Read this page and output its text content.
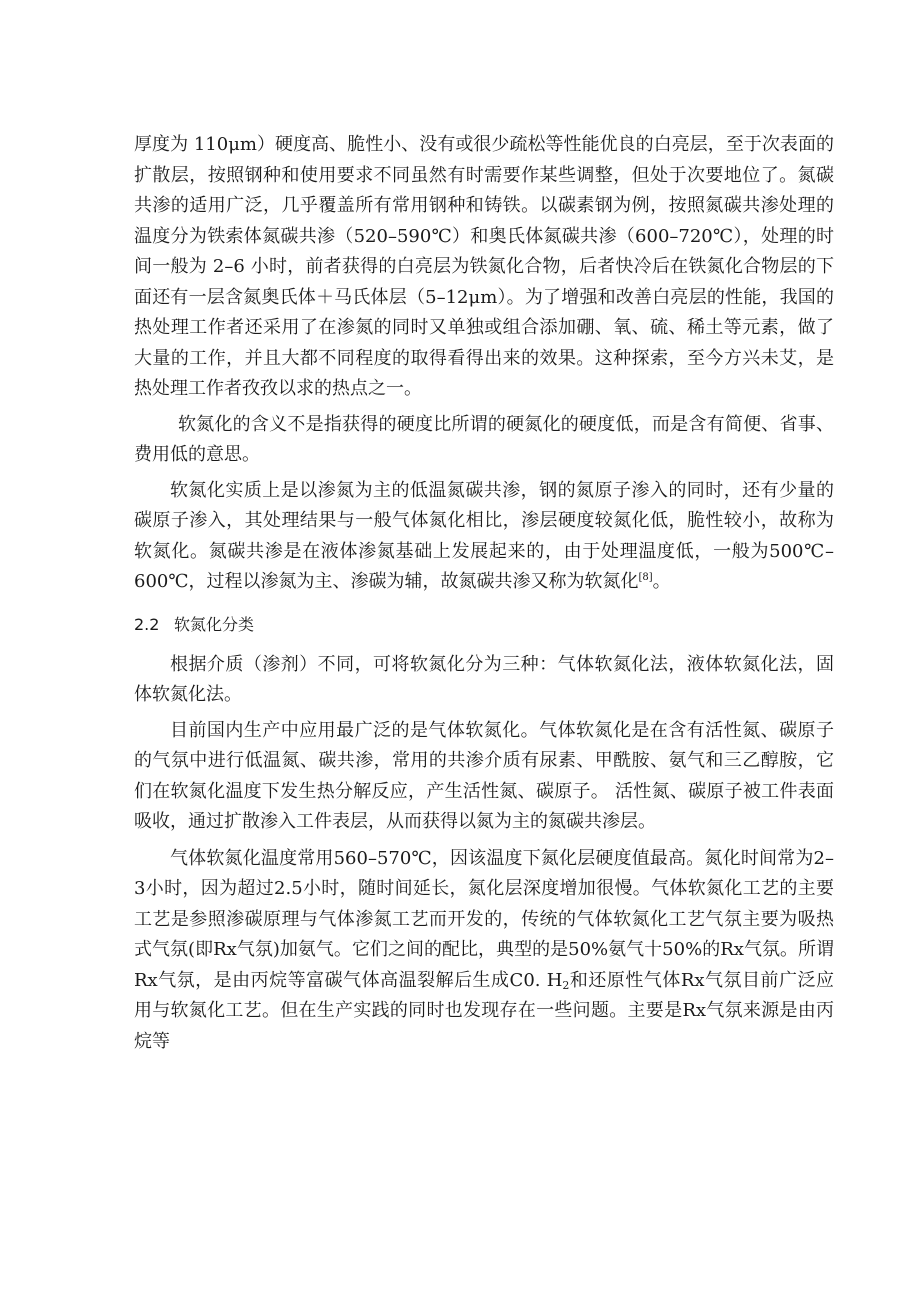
厚度为 110μm）硬度高、脆性小、没有或很少疏松等性能优良的白亮层，至于次表面的扩散层，按照钢种和使用要求不同虽然有时需要作某些调整，但处于次要地位了。氮碳共渗的适用广泛，几乎覆盖所有常用钢种和铸铁。以碳素钢为例，按照氮碳共渗处理的温度分为铁索体氮碳共渗（520–590℃）和奥氏体氮碳共渗（600–720℃），处理的时间一般为 2–6 小时，前者获得的白亮层为铁氮化合物，后者快冷后在铁氮化合物层的下面还有一层含氮奥氏体＋马氏体层（5–12μm）。为了增强和改善白亮层的性能，我国的热处理工作者还采用了在渗氮的同时又单独或组合添加硼、氧、硫、稀土等元素，做了大量的工作，并且大都不同程度的取得看得出来的效果。这种探索，至今方兴未艾，是热处理工作者孜孜以求的热点之一。

软氮化的含义不是指获得的硬度比所谓的硬氮化的硬度低，而是含有简便、省事、费用低的意思。

软氮化实质上是以渗氮为主的低温氮碳共渗，钢的氮原子渗入的同时，还有少量的碳原子渗入，其处理结果与一般气体氮化相比，渗层硬度较氮化低，脆性较小，故称为软氮化。氮碳共渗是在液体渗氮基础上发展起来的，由于处理温度低，一般为500℃–600℃，过程以渗氮为主、渗碳为辅，故氮碳共渗又称为软氮化[8]。

2.2 软氮化分类

根据介质（渗剂）不同，可将软氮化分为三种：气体软氮化法，液体软氮化法，固体软氮化法。

目前国内生产中应用最广泛的是气体软氮化。气体软氮化是在含有活性氮、碳原子的气氛中进行低温氮、碳共渗，常用的共渗介质有尿素、甲酰胺、氨气和三乙醇胺，它们在软氮化温度下发生热分解反应，产生活性氮、碳原子。 活性氮、碳原子被工件表面吸收，通过扩散渗入工件表层，从而获得以氮为主的氮碳共渗层。

气体软氮化温度常用560–570℃，因该温度下氮化层硬度值最高。氮化时间常为2–3小时，因为超过2.5小时，随时间延长，氮化层深度增加很慢。气体软氮化工艺的主要工艺是参照渗碳原理与气体渗氮工艺而开发的，传统的气体软氮化工艺气氛主要为吸热式气氛(即Rx气氛)加氨气。它们之间的配比，典型的是50%氨气十50%的Rx气氛。所谓Rx气氛，是由丙烷等富碳气体高温裂解后生成C0. $H_2$和还原性气体Rx气氛目前广泛应用与软氮化工艺。但在生产实践的同时也发现存在一些问题。主要是Rx气氛来源是由丙烷等
